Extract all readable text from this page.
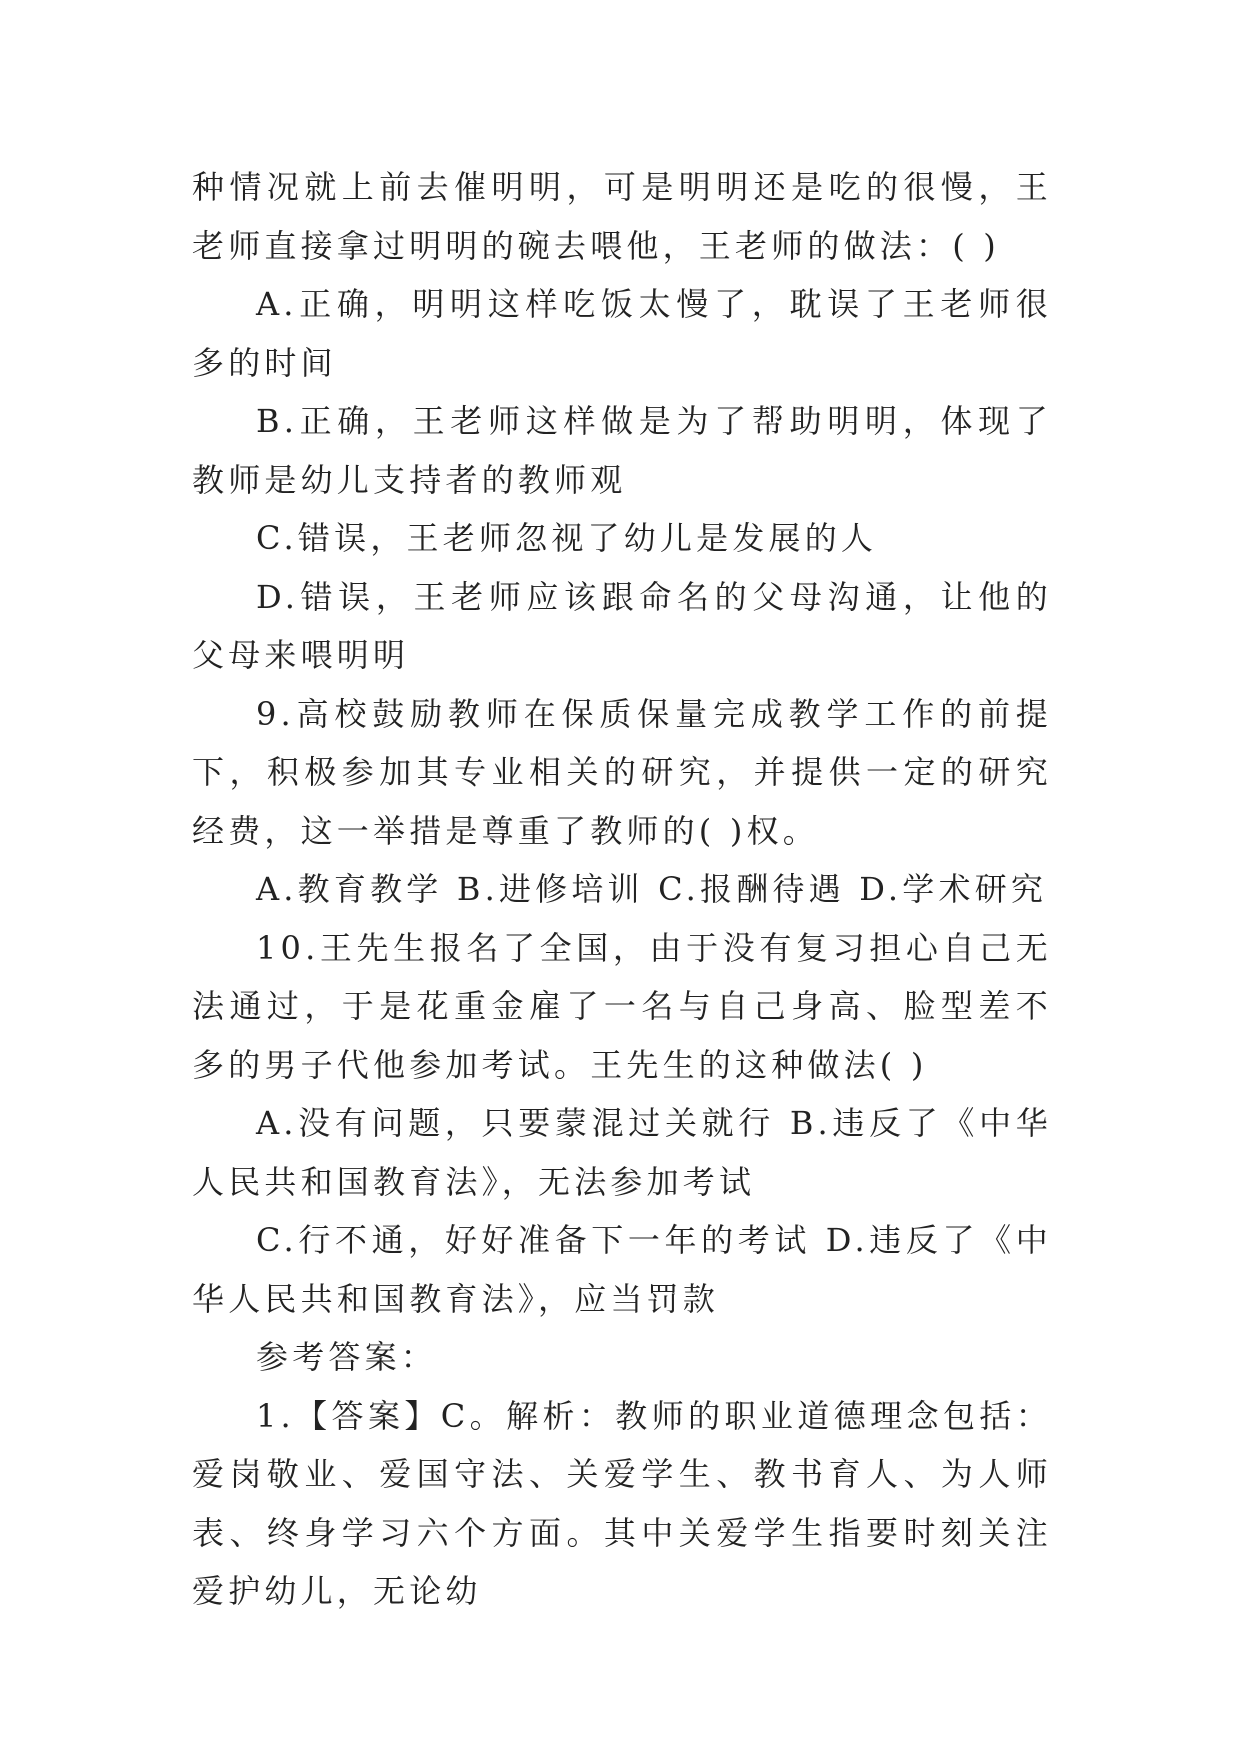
种情况就上前去催明明，可是明明还是吃的很慢，王老师直接拿过明明的碗去喂他，王老师的做法：( )

A.正确，明明这样吃饭太慢了，耽误了王老师很多的时间

B.正确，王老师这样做是为了帮助明明，体现了教师是幼儿支持者的教师观

C.错误，王老师忽视了幼儿是发展的人

D.错误，王老师应该跟命名的父母沟通，让他的父母来喂明明

9.高校鼓励教师在保质保量完成教学工作的前提下，积极参加其专业相关的研究，并提供一定的研究经费，这一举措是尊重了教师的( )权。

A.教育教学 B.进修培训 C.报酬待遇 D.学术研究

10.王先生报名了全国，由于没有复习担心自己无法通过，于是花重金雇了一名与自己身高、脸型差不多的男子代他参加考试。王先生的这种做法( )

A.没有问题，只要蒙混过关就行 B.违反了《中华人民共和国教育法》，无法参加考试

C.行不通，好好准备下一年的考试 D.违反了《中华人民共和国教育法》，应当罚款

参考答案：

1.【答案】C。解析：教师的职业道德理念包括：爱岗敬业、爱国守法、关爱学生、教书育人、为人师表、终身学习六个方面。其中关爱学生指要时刻关注爱护幼儿，无论幼
